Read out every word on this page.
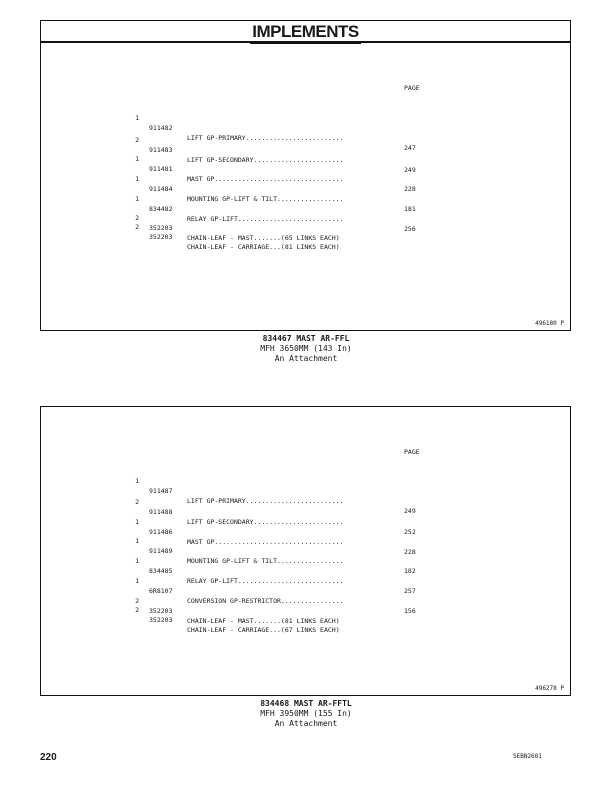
IMPLEMENTS
PAGE

1

911482

LIFT GP-PRIMARY.........................

247

2

911483

LIFT GP-SECONDARY.......................

249

1

911481

MAST GP.................................

228

1

911484

MOUNTING GP-LIFT & TILT.................

181

1

834482

RELAY GP-LIFT...........................

256

2

352203

CHAIN-LEAF - MAST.......(65 LINKS EACH)

2

352203

CHAIN-LEAF - CARRIAGE...(81 LINKS EACH)

496180 P
834467 MAST AR-FFL
MFH 3650MM (143 In)
An Attachment
PAGE

1

911487

LIFT GP-PRIMARY.........................

249

2

911488

LIFT GP-SECONDARY.......................

252

1

911486

MAST GP.................................

228

1

911489

MOUNTING GP-LIFT & TILT.................

182

1

834485

RELAY GP-LIFT...........................

257

1

6R8107

CONVERSION GP-RESTRICTOR................

156

2

352203

CHAIN-LEAF - MAST.......(81 LINKS EACH)

2

352203

CHAIN-LEAF - CARRIAGE...(67 LINKS EACH)

496278 P
834468 MAST AR-FFTL
MFH 3950MM (155 In)
An Attachment
220	SEBN2681
